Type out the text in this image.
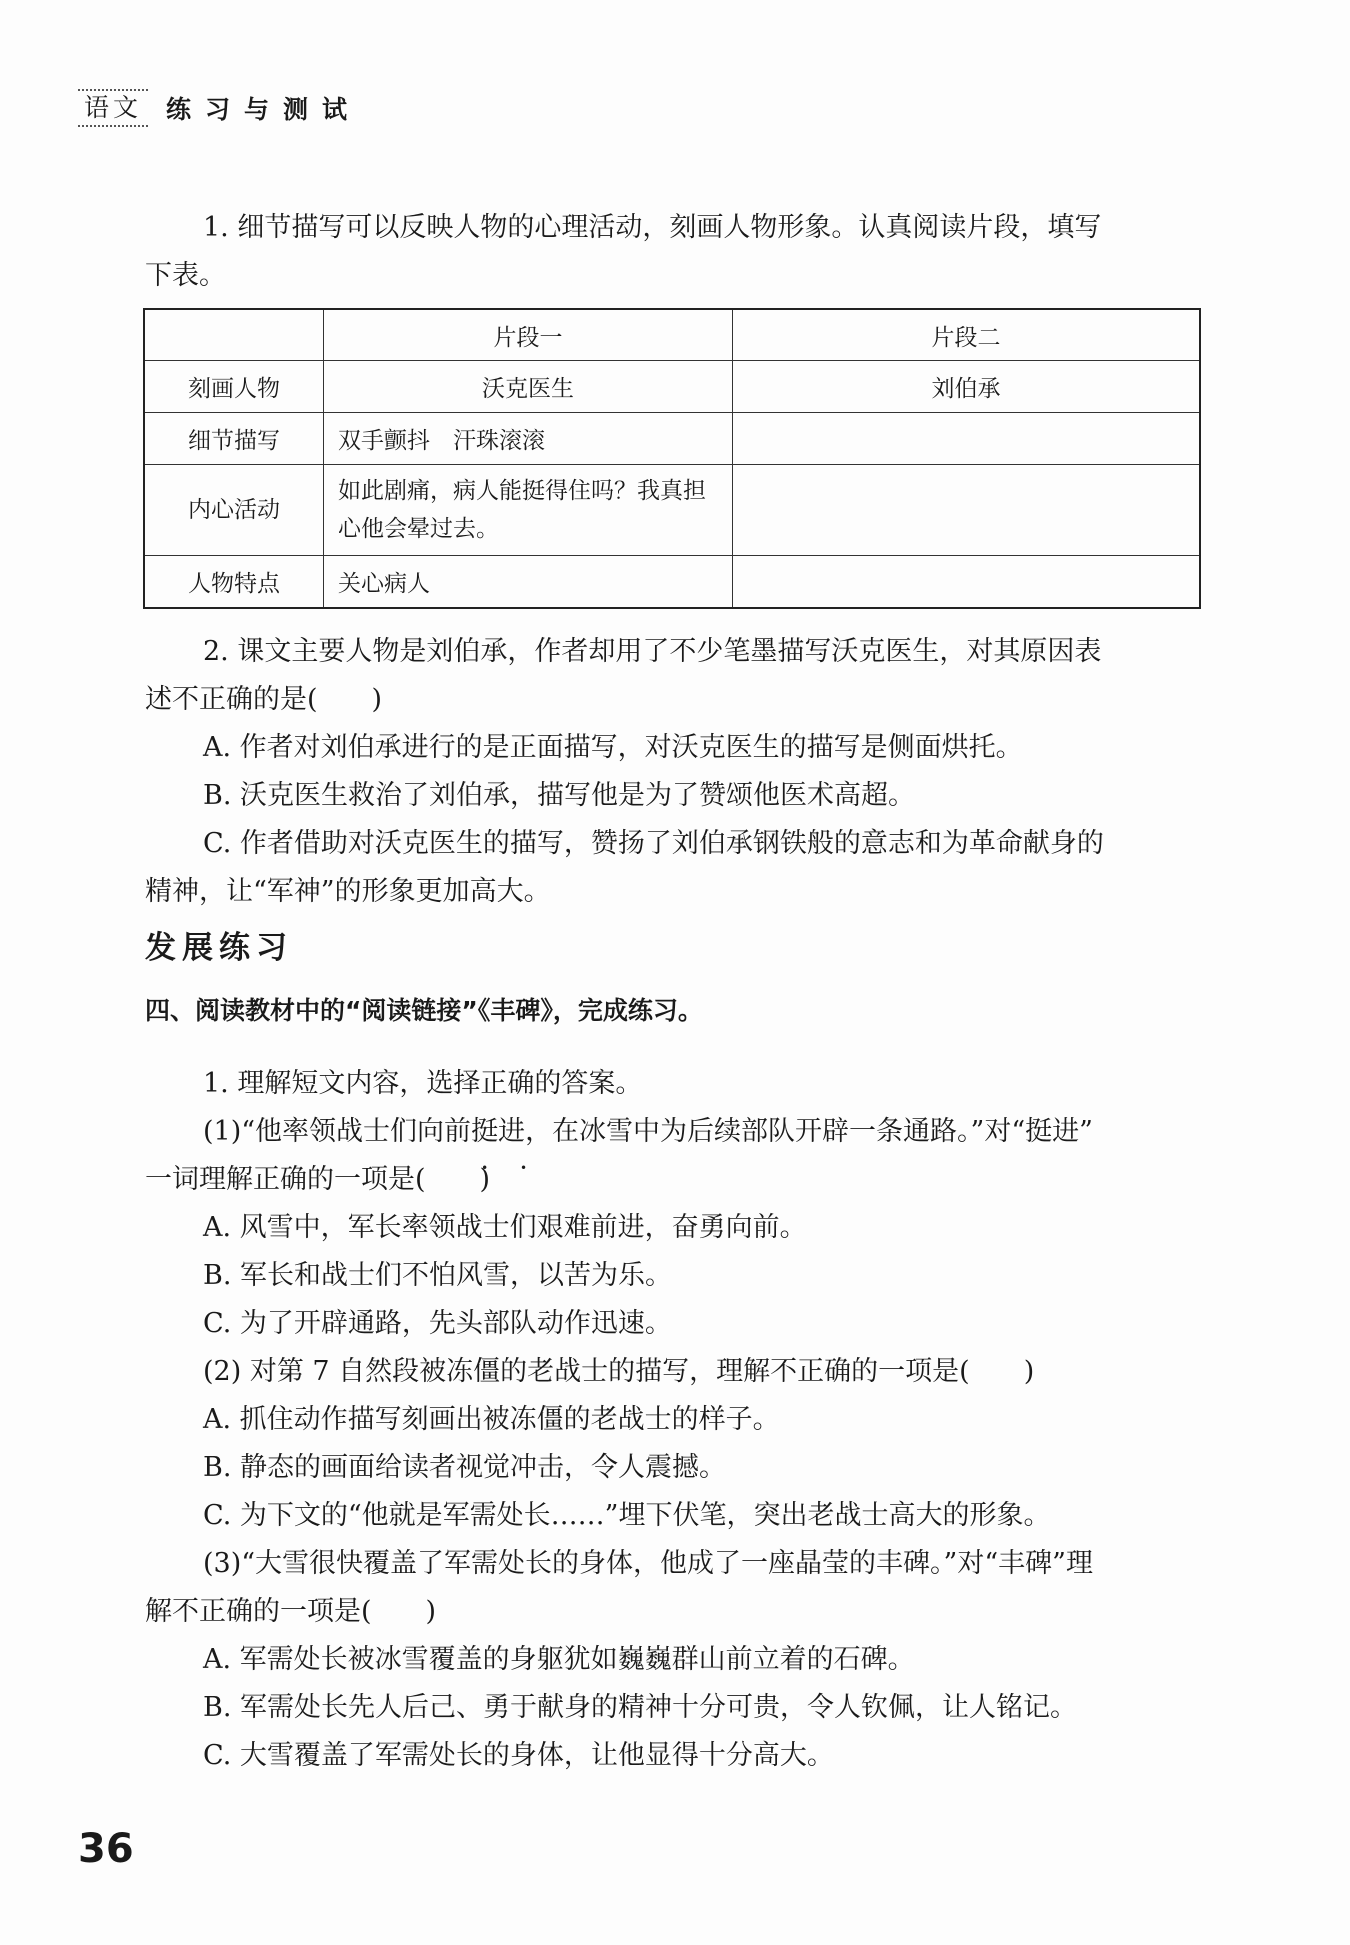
语文 练习与测试
1. 细节描写可以反映人物的心理活动，刻画人物形象。认真阅读片段，填写
下表。
	片段一	片段二
刻画人物	沃克医生	刘伯承
细节描写	双手颤抖　汗珠滚滚	
内心活动	如此剧痛，病人能挺得住吗？我真担心他会晕过去。	
人物特点	关心病人	
2. 课文主要人物是刘伯承，作者却用了不少笔墨描写沃克医生，对其原因表
述不正确的是(　　)
A. 作者对刘伯承进行的是正面描写，对沃克医生的描写是侧面烘托。
B. 沃克医生救治了刘伯承，描写他是为了赞颂他医术高超。
C. 作者借助对沃克医生的描写，赞扬了刘伯承钢铁般的意志和为革命献身的
精神，让“军神”的形象更加高大。
发展练习
四、阅读教材中的“阅读链接”《丰碑》，完成练习。
1. 理解短文内容，选择正确的答案。
(1)“他率领战士们向前挺进 • •，在冰雪中为后续部队开辟一条通路。”对“挺进”
一词理解正确的一项是(　　)
A. 风雪中，军长率领战士们艰难前进，奋勇向前。
B. 军长和战士们不怕风雪，以苦为乐。
C. 为了开辟通路，先头部队动作迅速。
(2) 对第 7 自然段被冻僵的老战士的描写，理解不正确的一项是(　　)
A. 抓住动作描写刻画出被冻僵的老战士的样子。
B. 静态的画面给读者视觉冲击，令人震撼。
C. 为下文的“他就是军需处长……”埋下伏笔，突出老战士高大的形象。
(3)“大雪很快覆盖了军需处长的身体，他成了一座晶莹的丰碑。”对“丰碑”理
解不正确的一项是(　　)
A. 军需处长被冰雪覆盖的身躯犹如巍巍群山前立着的石碑。
B. 军需处长先人后己、勇于献身的精神十分可贵，令人钦佩，让人铭记。
C. 大雪覆盖了军需处长的身体，让他显得十分高大。
36
